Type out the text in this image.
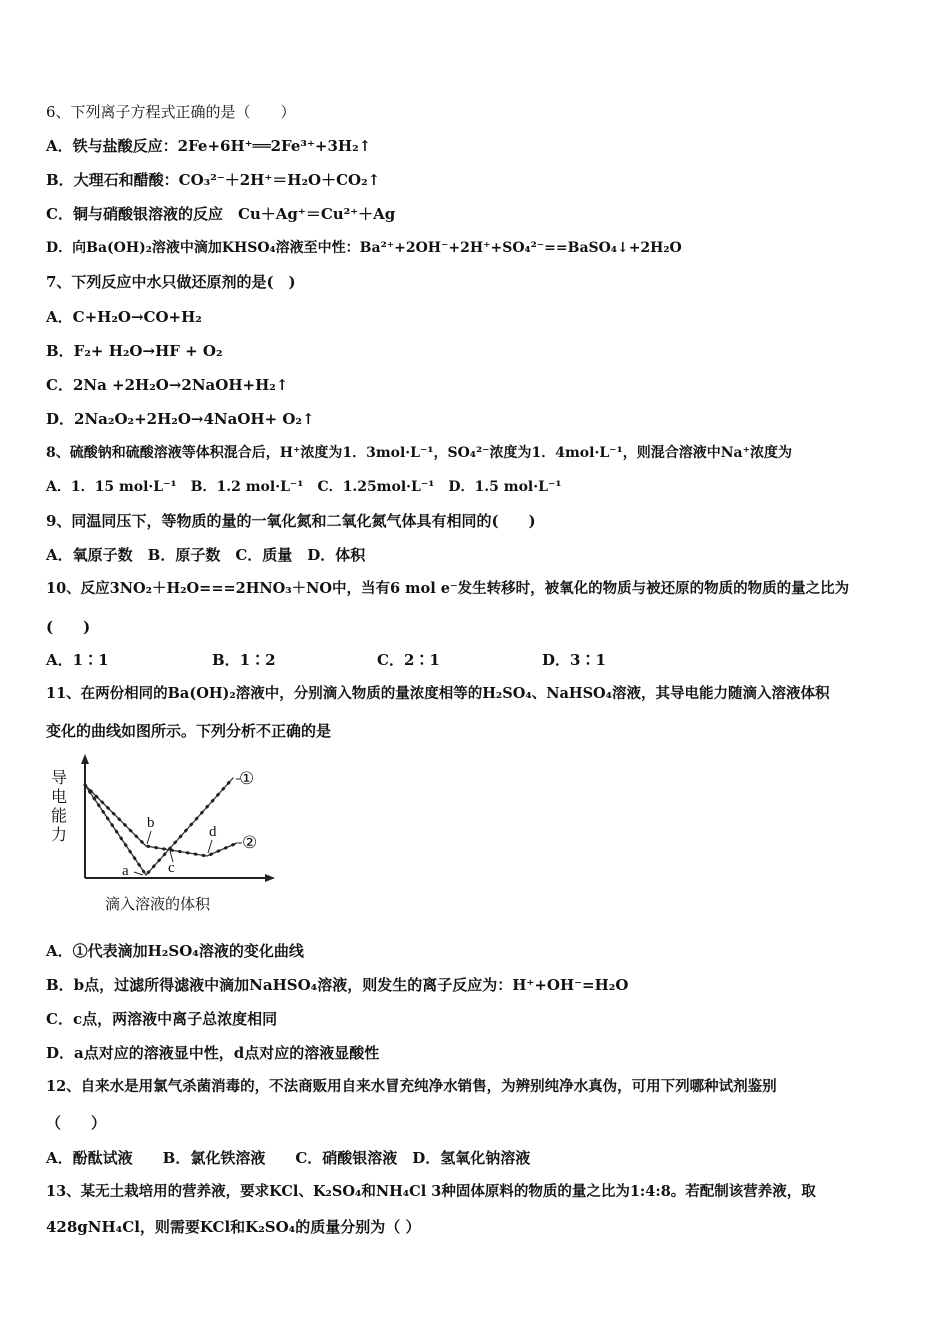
6、下列离子方程式正确的是（　　）
A．铁与盐酸反应：2Fe+6H⁺══2Fe³⁺+3H₂↑
B．大理石和醋酸：CO₃²⁻＋2H⁺＝H₂O＋CO₂↑
C．铜与硝酸银溶液的反应　Cu＋Ag⁺＝Cu²⁺＋Ag
D．向Ba(OH)₂溶液中滴加KHSO₄溶液至中性：Ba²⁺+2OH⁻+2H⁺+SO₄²⁻==BaSO₄↓+2H₂O
7、下列反应中水只做还原剂的是(　)
A．C+H₂O→CO+H₂
B．F₂+ H₂O→HF + O₂
C．2Na +2H₂O→2NaOH+H₂↑
D．2Na₂O₂+2H₂O→4NaOH+ O₂↑
8、硫酸钠和硫酸溶液等体积混合后，H⁺浓度为1．3mol·L⁻¹，SO₄²⁻浓度为1．4mol·L⁻¹，则混合溶液中Na⁺浓度为
A．1．15 mol·L⁻¹　B．1.2 mol·L⁻¹　C．1.25mol·L⁻¹　D．1.5 mol·L⁻¹
9、同温同压下，等物质的量的一氧化氮和二氧化氮气体具有相同的(　　)
A．氧原子数　B．原子数　C．质量　D．体积
10、反应3NO₂＋H₂O===2HNO₃＋NO中，当有6 mol e⁻发生转移时，被氧化的物质与被还原的物质的物质的量之比为
(　　)
A．1∶1	B．1∶2	C．2∶1	D．3∶1
11、在两份相同的Ba(OH)₂溶液中，分别滴入物质的量浓度相等的H₂SO₄、NaHSO₄溶液，其导电能力随滴入溶液体积
变化的曲线如图所示。下列分析不正确的是
导电能力
滴入溶液的体积
①
②
a
b
c
d
A．①代表滴加H₂SO₄溶液的变化曲线
B．b点，过滤所得滤液中滴加NaHSO₄溶液，则发生的离子反应为：H⁺+OH⁻=H₂O
C．c点，两溶液中离子总浓度相同
D．a点对应的溶液显中性，d点对应的溶液显酸性
12、自来水是用氯气杀菌消毒的，不法商贩用自来水冒充纯净水销售，为辨别纯净水真伪，可用下列哪种试剂鉴别
（　　）
A．酚酞试液　　B．氯化铁溶液　　C．硝酸银溶液　D．氢氧化钠溶液
13、某无土栽培用的营养液，要求KCl、K₂SO₄和NH₄Cl 3种固体原料的物质的量之比为1:4:8。若配制该营养液，取
428gNH₄Cl，则需要KCl和K₂SO₄的质量分别为（ ）
